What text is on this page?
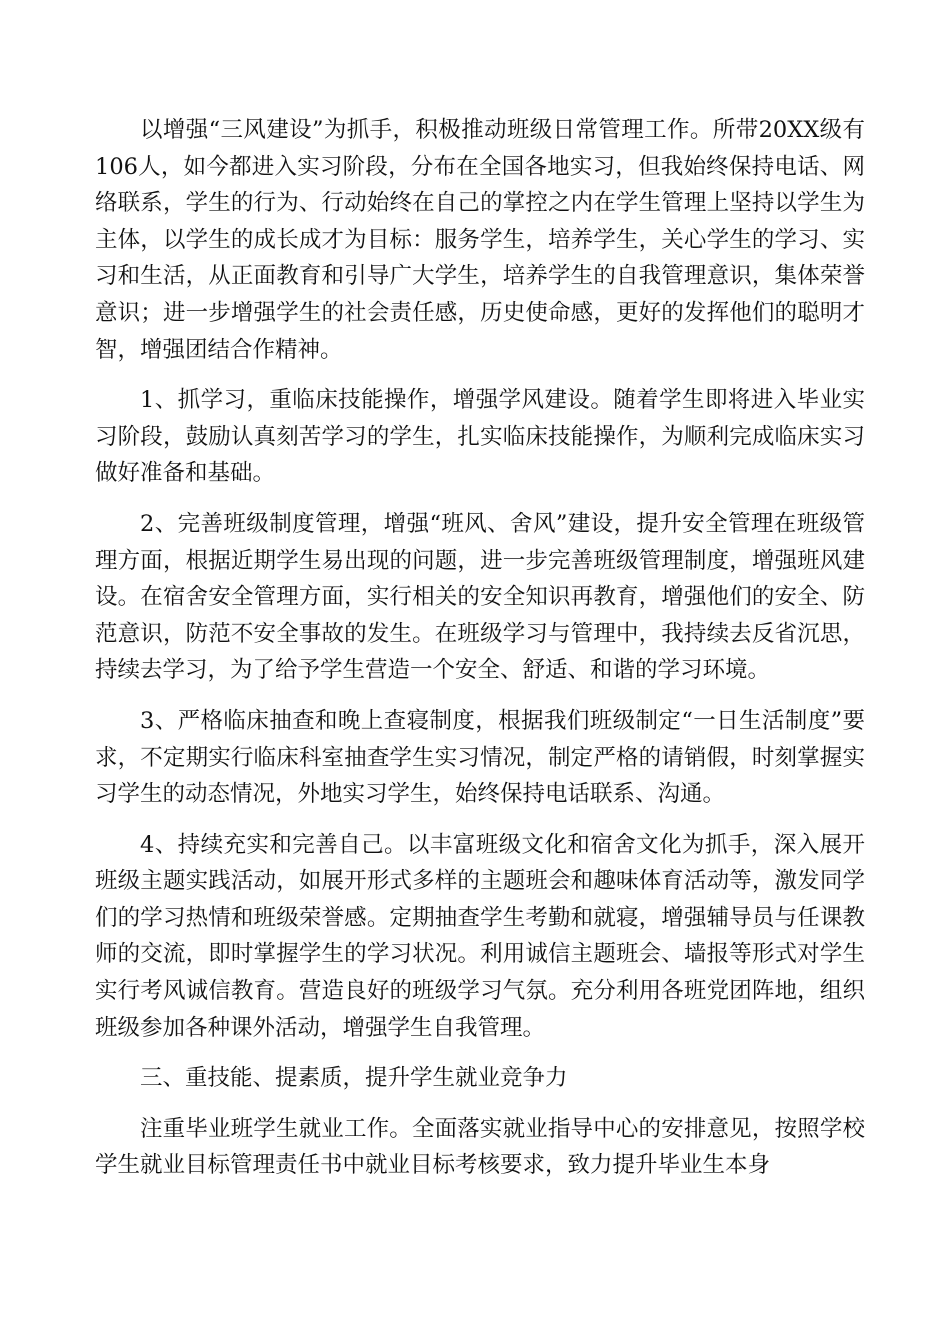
以增强“三风建设”为抓手，积极推动班级日常管理工作。所带20XX级有106人，如今都进入实习阶段，分布在全国各地实习，但我始终保持电话、网络联系，学生的行为、行动始终在自己的掌控之内在学生管理上坚持以学生为主体，以学生的成长成才为目标：服务学生，培养学生，关心学生的学习、实习和生活，从正面教育和引导广大学生，培养学生的自我管理意识，集体荣誉意识；进一步增强学生的社会责任感，历史使命感，更好的发挥他们的聪明才智，增强团结合作精神。

1、抓学习，重临床技能操作，增强学风建设。随着学生即将进入毕业实习阶段，鼓励认真刻苦学习的学生，扎实临床技能操作，为顺利完成临床实习做好准备和基础。

2、完善班级制度管理，增强“班风、舍风”建设，提升安全管理在班级管理方面，根据近期学生易出现的问题，进一步完善班级管理制度，增强班风建设。在宿舍安全管理方面，实行相关的安全知识再教育，增强他们的安全、防范意识，防范不安全事故的发生。在班级学习与管理中，我持续去反省沉思，持续去学习，为了给予学生营造一个安全、舒适、和谐的学习环境。

3、严格临床抽查和晚上查寝制度，根据我们班级制定“一日生活制度”要求，不定期实行临床科室抽查学生实习情况，制定严格的请销假，时刻掌握实习学生的动态情况，外地实习学生，始终保持电话联系、沟通。

4、持续充实和完善自己。以丰富班级文化和宿舍文化为抓手，深入展开班级主题实践活动，如展开形式多样的主题班会和趣味体育活动等，激发同学们的学习热情和班级荣誉感。定期抽查学生考勤和就寝，增强辅导员与任课教师的交流，即时掌握学生的学习状况。利用诚信主题班会、墙报等形式对学生实行考风诚信教育。营造良好的班级学习气氛。充分利用各班党团阵地，组织班级参加各种课外活动，增强学生自我管理。

三、重技能、提素质，提升学生就业竞争力

注重毕业班学生就业工作。全面落实就业指导中心的安排意见，按照学校学生就业目标管理责任书中就业目标考核要求，致力提升毕业生本身
